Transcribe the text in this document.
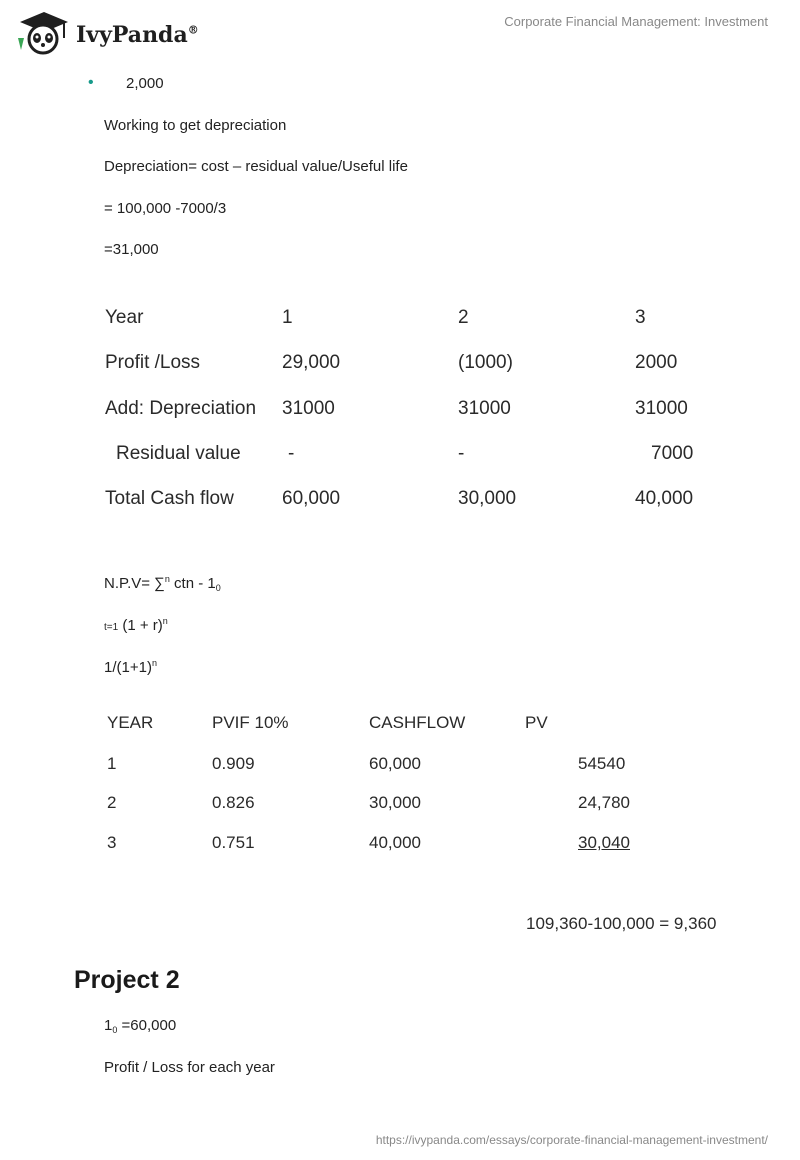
IvyPanda®
Corporate Financial Management: Investment
• 2,000
Working to get depreciation
Depreciation= cost – residual value/Useful life
= 100,000 -7000/3
=31,000
Year	1	2	3
Profit /Loss	29,000	(1000)	2000
Add: Depreciation 31000	31000	31000
Residual value -	-	7000
Total Cash flow	60,000	30,000	40,000
N.P.V= ∑$^n$ ctn - $1_0$
t=1 $(1 + r)^n$
$1/(1+1)^n$
YEAR	PVIF 10%	CASHFLOW	PV
1	0.909	60,000	54540
2	0.826	30,000	24,780
3	0.751	40,000	30,040
109,360-100,000 = 9,360
Project 2
$1_0 =60,000$
Profit / Loss for each year
https://ivypanda.com/essays/corporate-financial-management-investment/
